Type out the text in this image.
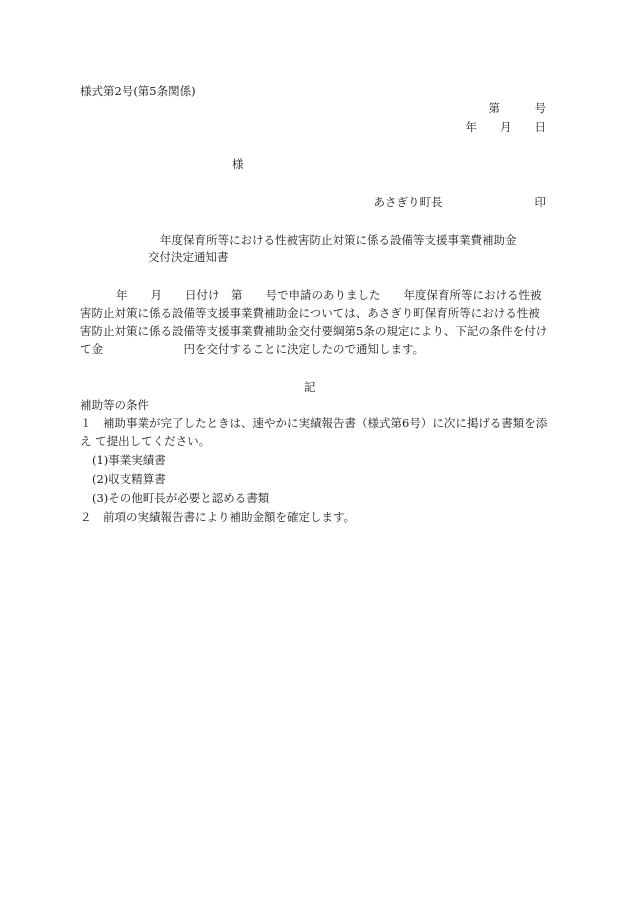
様式第2号(第5条関係)
第　　　号
年　　月　　日
様
あさぎり町長　　　　　　　　印
年度保育所等における性被害防止対策に係る設備等支援事業費補助金
交付決定通知書
年　　月　　日付け　第　　号で申請のありました　　年度保育所等における性被
害防止対策に係る設備等支援事業費補助金については、あさぎり町保育所等における性被
害防止対策に係る設備等支援事業費補助金交付要綱第5条の規定により、下記の条件を付け
て金　　　　　　　円を交付することに決定したので通知します。
記
補助等の条件
１　補助事業が完了したときは、速やかに実績報告書（様式第6号）に次に掲げる書類を添
え て提出してください。
(1)事業実績書
(2)収支精算書
(3)その他町長が必要と認める書類
２　前項の実績報告書により補助金額を確定します。
